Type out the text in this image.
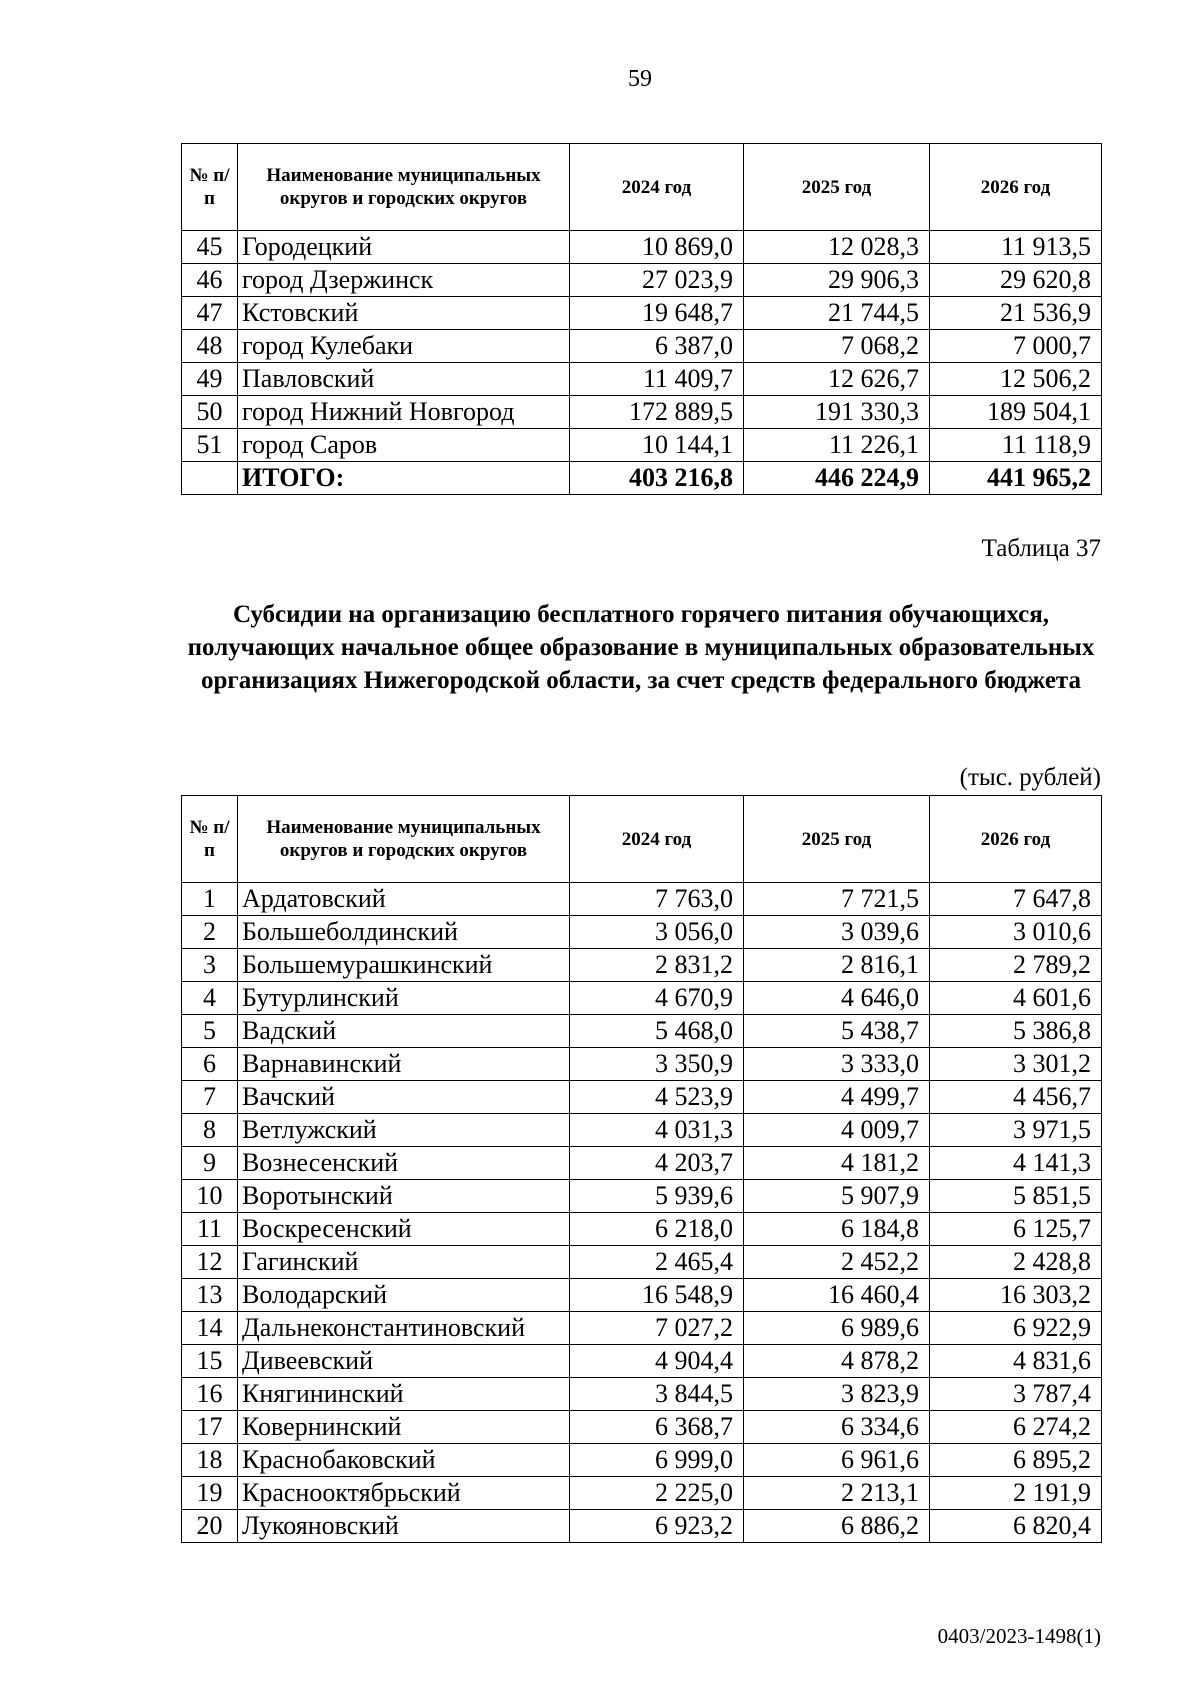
59
№ п/п	Наименование муниципальных округов и городских округов	2024 год	2025 год	2026 год
45	Городецкий	10 869,0	12 028,3	11 913,5
46	город Дзержинск	27 023,9	29 906,3	29 620,8
47	Кстовский	19 648,7	21 744,5	21 536,9
48	город Кулебаки	6 387,0	7 068,2	7 000,7
49	Павловский	11 409,7	12 626,7	12 506,2
50	город Нижний Новгород	172 889,5	191 330,3	189 504,1
51	город Саров	10 144,1	11 226,1	11 118,9
	ИТОГО:	403 216,8	446 224,9	441 965,2
Таблица 37
Субсидии на организацию бесплатного горячего питания обучающихся, получающих начальное общее образование в муниципальных образовательных организациях Нижегородской области, за счет средств федерального бюджета
(тыс. рублей)
№ п/п	Наименование муниципальных округов и городских округов	2024 год	2025 год	2026 год
1	Ардатовский	7 763,0	7 721,5	7 647,8
2	Большеболдинский	3 056,0	3 039,6	3 010,6
3	Большемурашкинский	2 831,2	2 816,1	2 789,2
4	Бутурлинский	4 670,9	4 646,0	4 601,6
5	Вадский	5 468,0	5 438,7	5 386,8
6	Варнавинский	3 350,9	3 333,0	3 301,2
7	Вачский	4 523,9	4 499,7	4 456,7
8	Ветлужский	4 031,3	4 009,7	3 971,5
9	Вознесенский	4 203,7	4 181,2	4 141,3
10	Воротынский	5 939,6	5 907,9	5 851,5
11	Воскресенский	6 218,0	6 184,8	6 125,7
12	Гагинский	2 465,4	2 452,2	2 428,8
13	Володарский	16 548,9	16 460,4	16 303,2
14	Дальнеконстантиновский	7 027,2	6 989,6	6 922,9
15	Дивеевский	4 904,4	4 878,2	4 831,6
16	Княгининский	3 844,5	3 823,9	3 787,4
17	Ковернинский	6 368,7	6 334,6	6 274,2
18	Краснобаковский	6 999,0	6 961,6	6 895,2
19	Краснооктябрьский	2 225,0	2 213,1	2 191,9
20	Лукояновский	6 923,2	6 886,2	6 820,4
0403/2023-1498(1)
